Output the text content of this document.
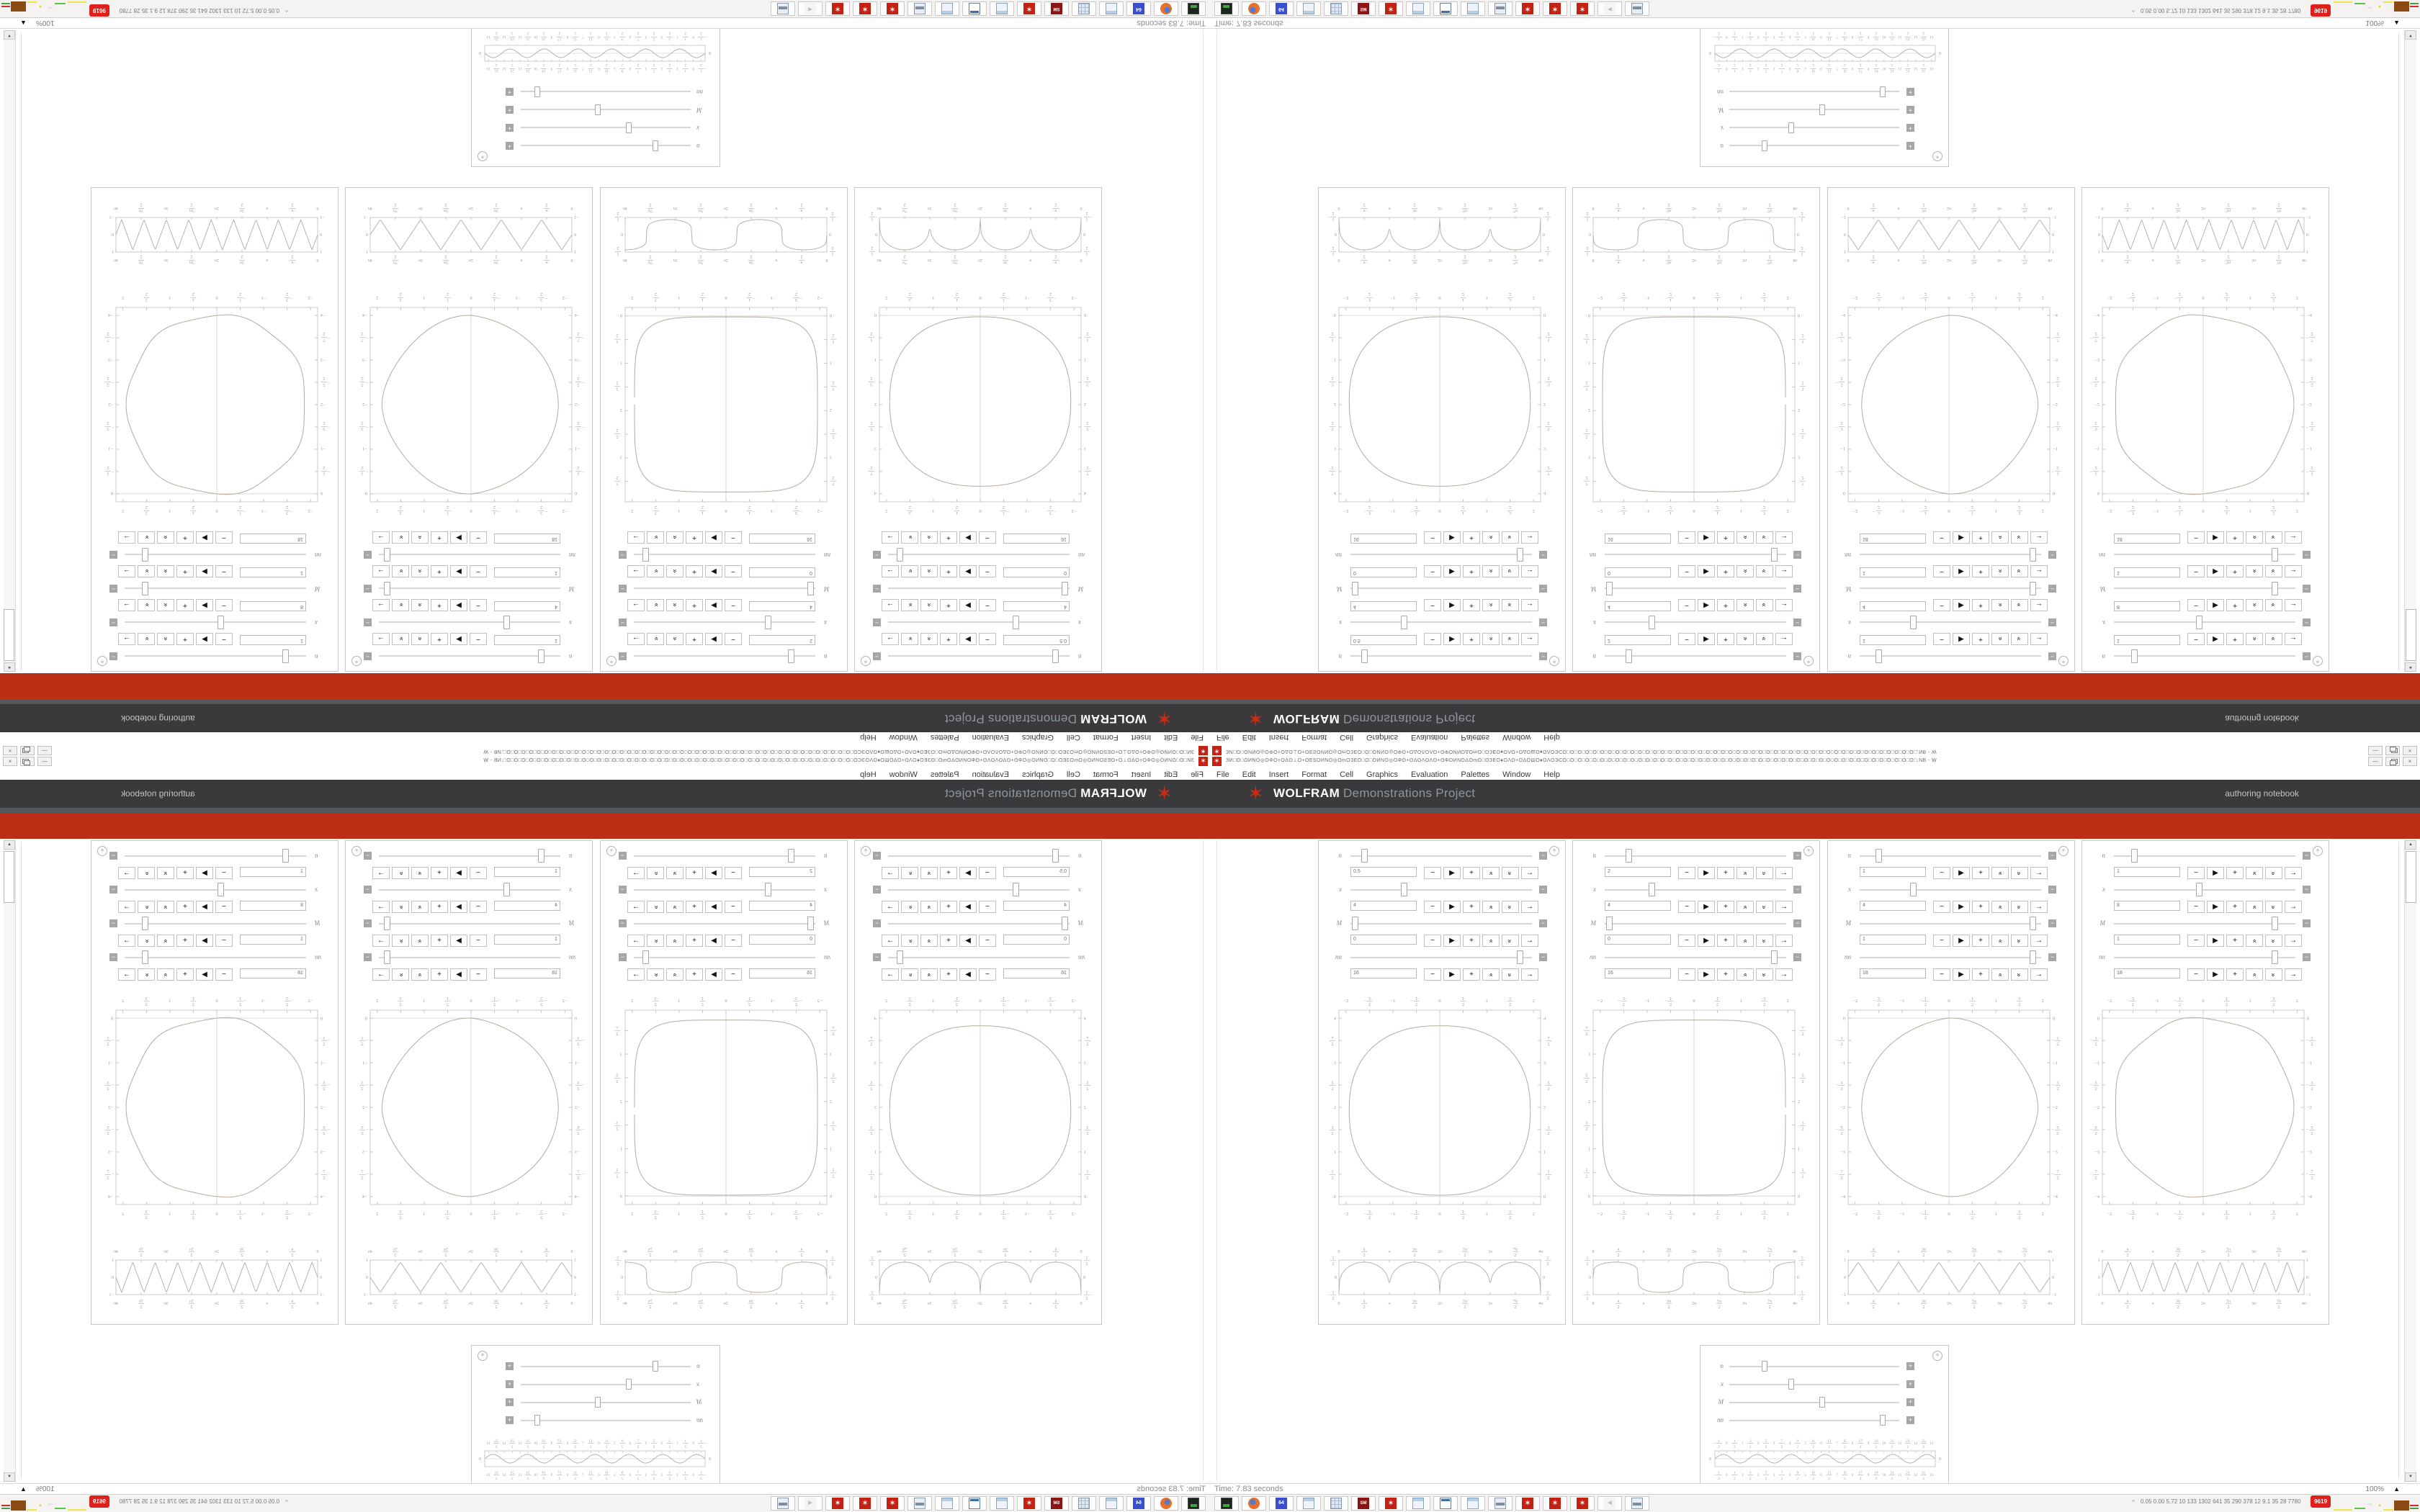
✶
ЗИ□О□ОИNО◎ОΦО+ОΔО⊥О+ОЕЅОИNО◎ОmОЗЕО□О□ОИNО◎ОΦО+ОΔОΛОΛО+ОΦОИNОΔОmО□ОЗЕО♦ОΛО+ОΔОШО♦ОΛОЭСО□О□О□О□О□О□О□О□О□О□О□О□О□О□О□О□О□О□О□О□О□О□О□О□О□О□О□О□О□О□О□О□О□О□О□О□О□О□О□О□О□О□О□О□О□О□О□.NB - W
—
×
FileEditInsertFormatCellGraphicsEvaluationPalettesWindowHelp
✶
WOLFRAM
Demonstrations Project
authoring notebook
+
n
−
0.5
−
▶
+
»
»
→
x
−
4
−
▶
+
»
»
→
M
−
0
−
▶
+
»
»
→
nn
−
16
−
▶
+
»
»
→
−2
−2
−
3
2
−
3
2
−1
−1
−
1
2
−
1
2
0
0
1
2
1
2
1
1
3
2
3
2
2
2
4
4
7
2
7
2
3
3
5
2
5
2
2
2
3
2
3
2
1
1
1
2
1
2
0
0
0
0
π
2
π
2
π
π
3π
2
3π
2
2π
2π
5π
2
5π
2
3π
3π
7π
2
7π
2
4π
4π
1
2
1
2
0
0
−
1
2
−
1
2
+
n
−
2
−
▶
+
»
»
→
x
−
4
−
▶
+
»
»
→
M
−
0
−
▶
+
»
»
→
nn
−
16
−
▶
+
»
»
→
−2
−2
−
3
2
−
3
2
−1
−1
−
1
2
−
1
2
0
0
1
2
1
2
1
1
3
2
3
2
2
2
7
2
7
2
3
3
5
2
5
2
2
2
3
2
3
2
1
1
1
2
1
2
0
0
0
0
π
2
π
2
π
π
3π
2
3π
2
2π
2π
5π
2
5π
2
3π
3π
7π
2
7π
2
4π
4π
1
2
1
2
0
0
−
1
2
−
1
2
+
n
−
1
−
▶
+
»
»
→
x
−
4
−
▶
+
»
»
→
M
−
1
−
▶
+
»
»
→
nn
−
18
−
▶
+
»
»
→
−2
−2
−
3
2
−
3
2
−1
−1
−
1
2
−
1
2
0
0
1
2
1
2
1
1
3
2
3
2
2
2
0
0
−
1
2
−
1
2
−1
−1
−
3
2
−
3
2
−2
−2
−
5
2
−
5
2
−3
−3
−
7
2
−
7
2
−4
−4
0
0
π
2
π
2
π
π
3π
2
3π
2
2π
2π
5π
2
5π
2
3π
3π
7π
2
7π
2
4π
4π
1
1
0
0
−1
−1
+
n
−
1
−
▶
+
»
»
→
x
−
8
−
▶
+
»
»
→
M
−
1
−
▶
+
»
»
→
nn
−
18
−
▶
+
»
»
→
−2
−2
−
3
2
−
3
2
−1
−1
−
1
2
−
1
2
0
0
1
2
1
2
1
1
3
2
3
2
2
2
0
0
−
1
2
−
1
2
−1
−1
−
3
2
−
3
2
−2
−2
−
5
2
−
5
2
−3
−3
−
7
2
−
7
2
−4
−4
0
0
π
2
π
2
π
π
3π
2
3π
2
2π
2π
5π
2
5π
2
3π
3π
7π
2
7π
2
4π
4π
1
1
0
0
−1
−1
+
n
+
x
+
M
+
nn
+
−
1
2
−
1
2
0
0
1
2
1
2
1
1
3
2
3
2
2
2
5
2
5
2
3
3
7
2
7
2
4
4
9
2
9
2
5
5
11
2
11
2
6
6
13
2
13
2
7
7
15
2
15
2
8
8
17
2
17
2
9
9
19
2
19
2
10
10
21
2
21
2
11
11
23
2
23
2
12
12
25
2
25
2
13
13
0
0
▲
▼
Time: 7.83 seconds
100%
▲
^
0.05 0.00 5.72 10 133 1302 641 35 290 378 12 9.1 35 28 7780
9619
···
▲	64
SM
✶
✶
✶
✶
◄
✶	ЗИ□О□ОИNО◎ОΦО+ОΔО⊥О+ОЕЅОИNО◎ОmОЗЕО□О□ОИNО◎ОΦО+ОΔОΛОΛО+ОΦОИNОΔОmО□ОЗЕО♦ОΛО+ОΔОШО♦ОΛОЭСО□О□О□О□О□О□О□О□О□О□О□О□О□О□О□О□О□О□О□О□О□О□О□О□О□О□О□О□О□О□О□О□О□О□О□О□О□О□О□О□О□О□О□О□О□О□О□.NB - W	—	×
File Edit Insert Format Cell Graphics Evaluation Palettes Window Help
✶ WOLFRAM Demonstrations Project	authoring notebook
+
n	−
0.5	− ▶ + » » →
x	−
4	− ▶ + » » →
M	−
0	− ▶ + » » →
nn	−
16	− ▶ + » » →
−2
−2
− 3
2
− 3
2
−1
−1
− 1
2
− 1
2
0
0
1
2
1
2
1
1
3
2
3
2
2
2
4	4
7
2
7
2
3	3
5
2
5
2
2	2
3
2
3
2
1	1
1
2
1
2
0	0
0
0
π
2
π
2
π
π
3π
2
3π
2
2π
2π
5π
2
5π
2
3π
3π
7π
2
7π
2
4π
4π
1
2
1
2
0	0
−
1
2
−
1
2
+
n	−
2	− ▶ + » » →
x	−
4	− ▶ + » » →
M	−
0	− ▶ + » » →
nn	−
16	− ▶ + » » →
−2
−2
− 3
2
− 3
2
−1
−1
− 1
2
− 1
2
0
0
1
2
1
2
1
1
3
2
3
2
2
2
7
2
7
2
3	3
5
2
5
2
2	2
3
2
3
2
1	1
1
2
1
2
0	0
0
0
π
2
π
2
π
π
3π
2
3π
2
2π
2π
5π
2
5π
2
3π
3π
7π
2
7π
2
4π
4π
1
2
1
2
0	0
−
1
2
−
1
2
+
n	−
1	− ▶ + » » →
x	−
4	− ▶ + » » →
M	−
1	− ▶ + » » →
nn	−
18	− ▶ + » » →
−2
−2
− 3
2
− 3
2
−1
−1
− 1
2
− 1
2
0
0
1
2
1
2
1
1
3
2
3
2
2
2
0	0
− 1
2
− 1
2
−1	−1
− 3
2
− 3
2
−2	−2
− 5
2
− 5
2
−3	−3
− 7
2
− 7
2
−4	−4
0
0
π
2
π
2
π
π
3π
2
3π
2
2π
2π
5π
2
5π
2
3π
3π
7π
2
7π
2
4π
4π
1	1
0	0
−1	−1
+
n	−
1	− ▶ + » » →
x	−
8	− ▶ + » » →
M	−
1	− ▶ + » » →
nn	−
18	− ▶ + » » →
−2
−2
− 3
2
− 3
2
−1
−1
− 1
2
− 1
2
0
0
1
2
1
2
1
1
3
2
3
2
2
2
0	0
− 1
2
− 1
2
−1	−1
− 3
2
− 3
2
−2	−2
− 5
2
− 5
2
−3	−3
− 7
2
− 7
2
−4	−4
0
0
π
2
π
2
π
π
3π
2
3π
2
2π
2π
5π
2
5π
2
3π
3π
7π
2
7π
2
4π
4π
1	1
0	0
−1	−1
+
n	+
x	+
M	+
nn	+
−
1
2
−
1
2
0
0
1
2
1
2
1
1
3
2
3
2
2
2
5
2
5
2
3
3
7
2
7
2
4
4
9
2
9
2
5
5
11
2
11
2
6
6
13
2
13
2
7
7
15
2
15
2
8
8
17
2
17
2
9
9
19
2
19
2
10
10
21
2
21
2
11
11
23
2
23
2
12
12
25
2
25
2
13
13
0	0
▲
▼
Time: 7.83 seconds	100% ▲
^ 0.05 0.00 5.72 10 133 1302 641 35 290 378 12 9.1 35 28 7780	9619	··· ▲
64	SM	✶	✶	✶	✶	◄
✶
ЗИ□О□ОИNО◎ОΦО+ОΔО⊥О+ОЕЅОИNО◎ОmОЗЕО□О□ОИNО◎ОΦО+ОΔОΛОΛО+ОΦОИNОΔОmО□ОЗЕО♦ОΛО+ОΔОШО♦ОΛОЭСО□О□О□О□О□О□О□О□О□О□О□О□О□О□О□О□О□О□О□О□О□О□О□О□О□О□О□О□О□О□О□О□О□О□О□О□О□О□О□О□О□О□О□О□О□О□О□.NB - W
—
×
FileEditInsertFormatCellGraphicsEvaluationPalettesWindowHelp
✶
WOLFRAM
Demonstrations Project
authoring notebook
+
n
−
0.5
−
▶
+
»
»
→
x
−
4
−
▶
+
»
»
→
M
−
0
−
▶
+
»
»
→
nn
−
16
−
▶
+
»
»
→
−2
−2
−
3
2
−
3
2
−1
−1
−
1
2
−
1
2
0
0
1
2
1
2
1
1
3
2
3
2
2
2
4
4
7
2
7
2
3
3
5
2
5
2
2
2
3
2
3
2
1
1
1
2
1
2
0
0
0
0
π
2
π
2
π
π
3π
2
3π
2
2π
2π
5π
2
5π
2
3π
3π
7π
2
7π
2
4π
4π
1
2
1
2
0
0
−
1
2
−
1
2
+
n
−
2
−
▶
+
»
»
→
x
−
4
−
▶
+
»
»
→
M
−
0
−
▶
+
»
»
→
nn
−
16
−
▶
+
»
»
→
−2
−2
−
3
2
−
3
2
−1
−1
−
1
2
−
1
2
0
0
1
2
1
2
1
1
3
2
3
2
2
2
7
2
7
2
3
3
5
2
5
2
2
2
3
2
3
2
1
1
1
2
1
2
0
0
0
0
π
2
π
2
π
π
3π
2
3π
2
2π
2π
5π
2
5π
2
3π
3π
7π
2
7π
2
4π
4π
1
2
1
2
0
0
−
1
2
−
1
2
+
n
−
1
−
▶
+
»
»
→
x
−
4
−
▶
+
»
»
→
M
−
1
−
▶
+
»
»
→
nn
−
18
−
▶
+
»
»
→
−2
−2
−
3
2
−
3
2
−1
−1
−
1
2
−
1
2
0
0
1
2
1
2
1
1
3
2
3
2
2
2
0
0
−
1
2
−
1
2
−1
−1
−
3
2
−
3
2
−2
−2
−
5
2
−
5
2
−3
−3
−
7
2
−
7
2
−4
−4
0
0
π
2
π
2
π
π
3π
2
3π
2
2π
2π
5π
2
5π
2
3π
3π
7π
2
7π
2
4π
4π
1
1
0
0
−1
−1
+
n
−
1
−
▶
+
»
»
→
x
−
8
−
▶
+
»
»
→
M
−
1
−
▶
+
»
»
→
nn
−
18
−
▶
+
»
»
→
−2
−2
−
3
2
−
3
2
−1
−1
−
1
2
−
1
2
0
0
1
2
1
2
1
1
3
2
3
2
2
2
0
0
−
1
2
−
1
2
−1
−1
−
3
2
−
3
2
−2
−2
−
5
2
−
5
2
−3
−3
−
7
2
−
7
2
−4
−4
0
0
π
2
π
2
π
π
3π
2
3π
2
2π
2π
5π
2
5π
2
3π
3π
7π
2
7π
2
4π
4π
1
1
0
0
−1
−1
+
n
+
x
+
M
+
nn
+
−
1
2
−
1
2
0
0
1
2
1
2
1
1
3
2
3
2
2
2
5
2
5
2
3
3
7
2
7
2
4
4
9
2
9
2
5
5
11
2
11
2
6
6
13
2
13
2
7
7
15
2
15
2
8
8
17
2
17
2
9
9
19
2
19
2
10
10
21
2
21
2
11
11
23
2
23
2
12
12
25
2
25
2
13
13
0
0
▲
▼
Time: 7.83 seconds
100%
▲
^
0.05 0.00 5.72 10 133 1302 641 35 290 378 12 9.1 35 28 7780
9619
···
▲	64
SM
✶
✶
✶
✶
◄
✶	ЗИ□О□ОИNО◎ОΦО+ОΔО⊥О+ОЕЅОИNО◎ОmОЗЕО□О□ОИNО◎ОΦО+ОΔОΛОΛО+ОΦОИNОΔОmО□ОЗЕО♦ОΛО+ОΔОШО♦ОΛОЭСО□О□О□О□О□О□О□О□О□О□О□О□О□О□О□О□О□О□О□О□О□О□О□О□О□О□О□О□О□О□О□О□О□О□О□О□О□О□О□О□О□О□О□О□О□О□О□.NB - W	—	×
File Edit Insert Format Cell Graphics Evaluation Palettes Window Help
✶ WOLFRAM Demonstrations Project	authoring notebook
+
n	−
0.5	− ▶ + » » →
x	−
4	− ▶ + » » →
M	−
0	− ▶ + » » →
nn	−
16	− ▶ + » » →
−2
−2
− 3
2
− 3
2
−1
−1
− 1
2
− 1
2
0
0
1
2
1
2
1
1
3
2
3
2
2
2
4	4
7
2
7
2
3	3
5
2
5
2
2	2
3
2
3
2
1	1
1
2
1
2
0	0
0
0
π
2
π
2
π
π
3π
2
3π
2
2π
2π
5π
2
5π
2
3π
3π
7π
2
7π
2
4π
4π
1
2
1
2
0	0
−
1
2
−
1
2
+
n	−
2	− ▶ + » » →
x	−
4	− ▶ + » » →
M	−
0	− ▶ + » » →
nn	−
16	− ▶ + » » →
−2
−2
− 3
2
− 3
2
−1
−1
− 1
2
− 1
2
0
0
1
2
1
2
1
1
3
2
3
2
2
2
7
2
7
2
3	3
5
2
5
2
2	2
3
2
3
2
1	1
1
2
1
2
0	0
0
0
π
2
π
2
π
π
3π
2
3π
2
2π
2π
5π
2
5π
2
3π
3π
7π
2
7π
2
4π
4π
1
2
1
2
0	0
−
1
2
−
1
2
+
n	−
1	− ▶ + » » →
x	−
4	− ▶ + » » →
M	−
1	− ▶ + » » →
nn	−
18	− ▶ + » » →
−2
−2
− 3
2
− 3
2
−1
−1
− 1
2
− 1
2
0
0
1
2
1
2
1
1
3
2
3
2
2
2
0	0
− 1
2
− 1
2
−1	−1
− 3
2
− 3
2
−2	−2
− 5
2
− 5
2
−3	−3
− 7
2
− 7
2
−4	−4
0
0
π
2
π
2
π
π
3π
2
3π
2
2π
2π
5π
2
5π
2
3π
3π
7π
2
7π
2
4π
4π
1	1
0	0
−1	−1
+
n	−
1	− ▶ + » » →
x	−
8	− ▶ + » » →
M	−
1	− ▶ + » » →
nn	−
18	− ▶ + » » →
−2
−2
− 3
2
− 3
2
−1
−1
− 1
2
− 1
2
0
0
1
2
1
2
1
1
3
2
3
2
2
2
0	0
− 1
2
− 1
2
−1	−1
− 3
2
− 3
2
−2	−2
− 5
2
− 5
2
−3	−3
− 7
2
− 7
2
−4	−4
0
0
π
2
π
2
π
π
3π
2
3π
2
2π
2π
5π
2
5π
2
3π
3π
7π
2
7π
2
4π
4π
1	1
0	0
−1	−1
+
n	+
x	+
M	+
nn	+
−
1
2
−
1
2
0
0
1
2
1
2
1
1
3
2
3
2
2
2
5
2
5
2
3
3
7
2
7
2
4
4
9
2
9
2
5
5
11
2
11
2
6
6
13
2
13
2
7
7
15
2
15
2
8
8
17
2
17
2
9
9
19
2
19
2
10
10
21
2
21
2
11
11
23
2
23
2
12
12
25
2
25
2
13
13
0	0
▲
▼
Time: 7.83 seconds	100% ▲
^ 0.05 0.00 5.72 10 133 1302 641 35 290 378 12 9.1 35 28 7780	9619	··· ▲
64	SM	✶	✶	✶	✶	◄
